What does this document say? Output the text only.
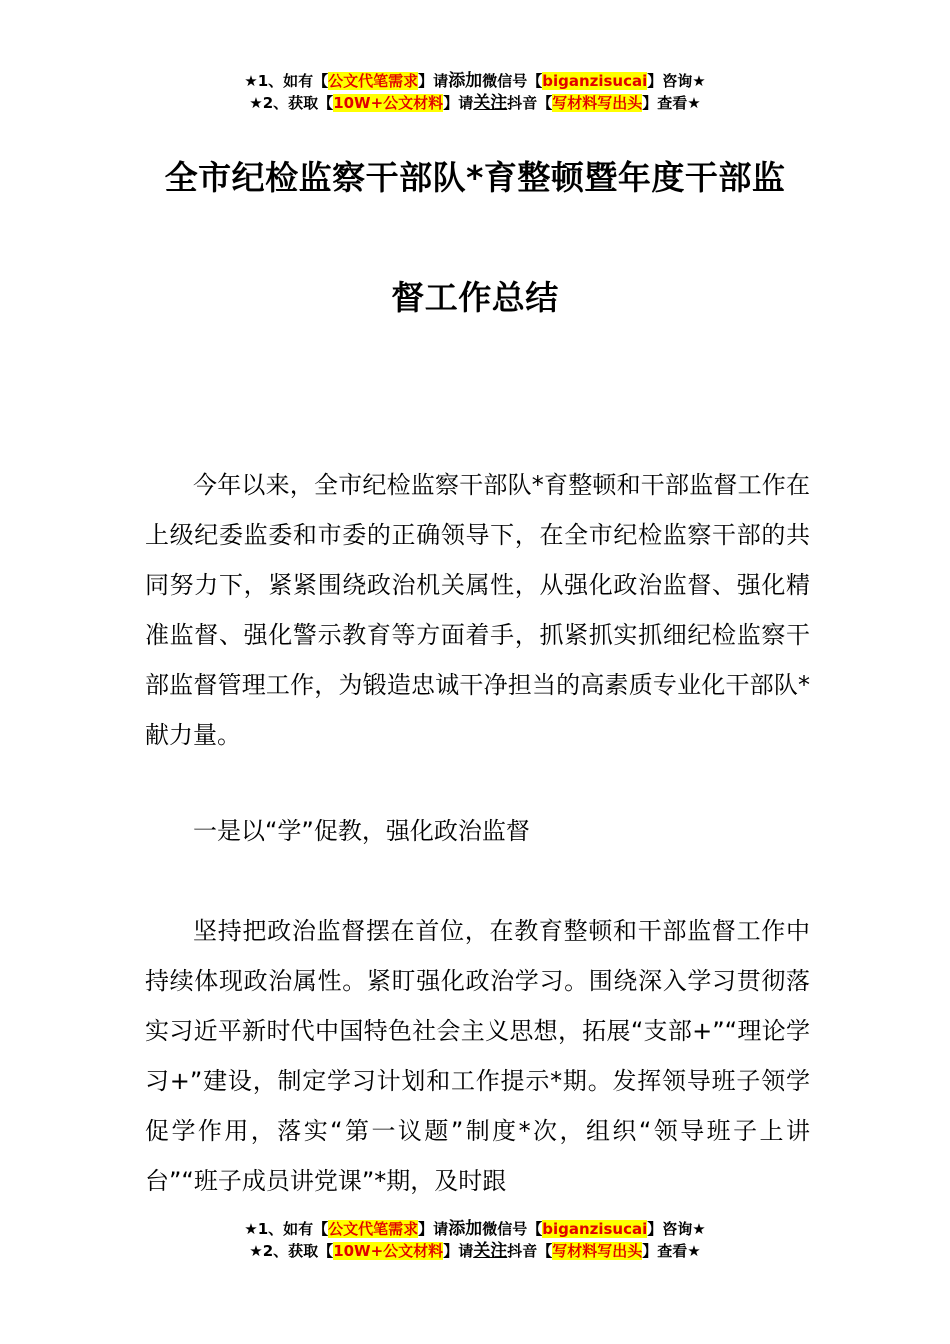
★1、如有【公文代笔需求】请添加微信号【biganzisucai】咨询★
★2、获取【10W+公文材料】请关注抖音【写材料写出头】查看★
全市纪检监察干部队*育整顿暨年度干部监
督工作总结

今年以来，全市纪检监察干部队*育整顿和干部监督工作在上级纪委监委和市委的正确领导下，在全市纪检监察干部的共同努力下，紧紧围绕政治机关属性，从强化政治监督、强化精准监督、强化警示教育等方面着手，抓紧抓实抓细纪检监察干部监督管理工作，为锻造忠诚干净担当的高素质专业化干部队*献力量。

一是以“学”促教，强化政治监督

坚持把政治监督摆在首位，在教育整顿和干部监督工作中持续体现政治属性。紧盯强化政治学习。围绕深入学习贯彻落实习近平新时代中国特色社会主义思想，拓展“支部+”“理论学习+”建设，制定学习计划和工作提示*期。发挥领导班子领学促学作用，落实“第一议题”制度*次，组织“领导班子上讲台”“班子成员讲党课”*期，及时跟

★1、如有【公文代笔需求】请添加微信号【biganzisucai】咨询★
★2、获取【10W+公文材料】请关注抖音【写材料写出头】查看★
